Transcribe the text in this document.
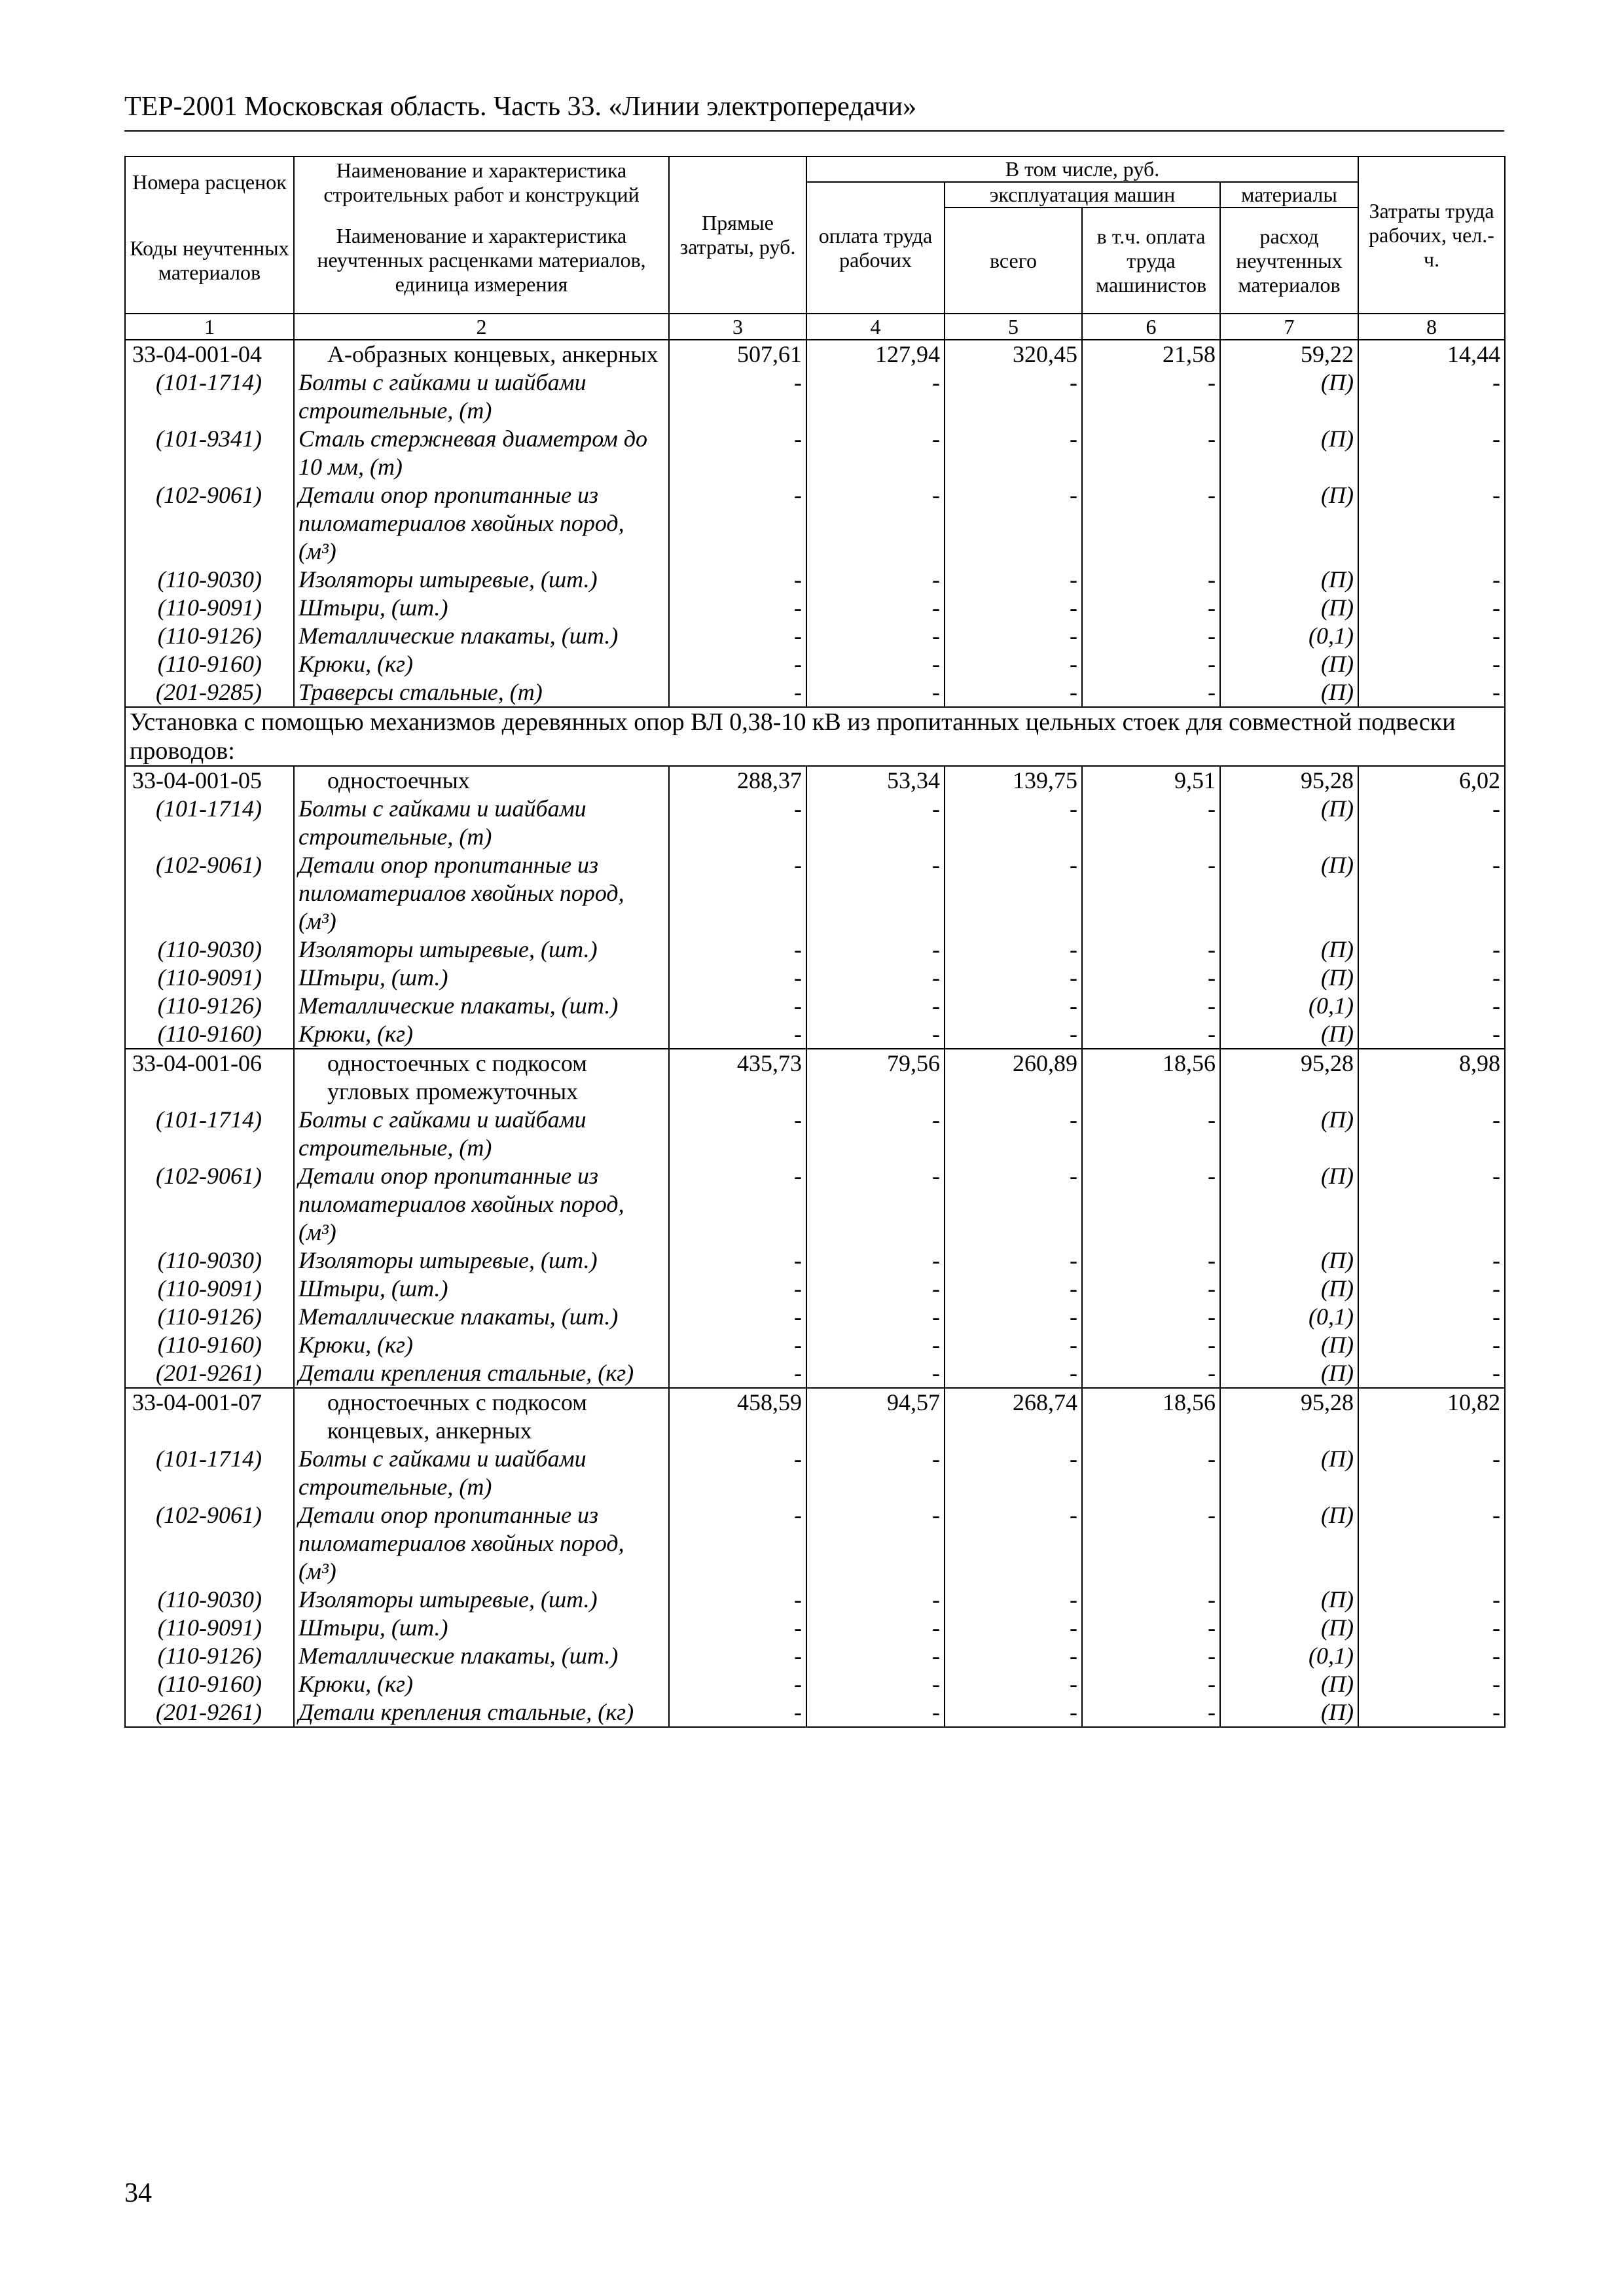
ТЕР-2001 Московская область. Часть 33. «Линии электропередачи»
Номера расценок	Наименование и характеристика строительных работ и конструкций	Прямые затраты, руб.	В том числе, руб.				Затраты труда рабочих, чел.-ч.
			оплата труда рабочих	эксплуатация машин		материалы	
Коды неучтенных материалов	Наименование и характеристика неучтенных расценками материалов, единица измерения			всего	в т.ч. оплата труда машинистов	расход неучтенных материалов	

1	2	3	4	5	6	7	8
33-04-001-04	А-образных концевых, анкерных	507,61	127,94	320,45	21,58	59,22	14,44
(101-1714)	Болты с гайками и шайбами строительные, (т)	-	-	-	-	(П)	-
(101-9341)	Сталь стержневая диаметром до 10 мм, (т)	-	-	-	-	(П)	-
(102-9061)	Детали опор пропитанные из пиломатериалов хвойных пород, (м³)	-	-	-	-	(П)	-
(110-9030)	Изоляторы штыревые, (шт.)	-	-	-	-	(П)	-
(110-9091)	Штыри, (шт.)	-	-	-	-	(П)	-
(110-9126)	Металлические плакаты, (шт.)	-	-	-	-	(0,1)	-
(110-9160)	Крюки, (кг)	-	-	-	-	(П)	-
(201-9285)	Траверсы стальные, (т)	-	-	-	-	(П)	-
Установка с помощью механизмов деревянных опор ВЛ 0,38-10 кВ из пропитанных цельных стоек для совместной подвески проводов:							
33-04-001-05	одностоечных	288,37	53,34	139,75	9,51	95,28	6,02
(101-1714)	Болты с гайками и шайбами строительные, (т)	-	-	-	-	(П)	-
(102-9061)	Детали опор пропитанные из пиломатериалов хвойных пород, (м³)	-	-	-	-	(П)	-
(110-9030)	Изоляторы штыревые, (шт.)	-	-	-	-	(П)	-
(110-9091)	Штыри, (шт.)	-	-	-	-	(П)	-
(110-9126)	Металлические плакаты, (шт.)	-	-	-	-	(0,1)	-
(110-9160)	Крюки, (кг)	-	-	-	-	(П)	-
33-04-001-06	одностоечных с подкосом угловых промежуточных	435,73	79,56	260,89	18,56	95,28	8,98
(101-1714)	Болты с гайками и шайбами строительные, (т)	-	-	-	-	(П)	-
(102-9061)	Детали опор пропитанные из пиломатериалов хвойных пород, (м³)	-	-	-	-	(П)	-
(110-9030)	Изоляторы штыревые, (шт.)	-	-	-	-	(П)	-
(110-9091)	Штыри, (шт.)	-	-	-	-	(П)	-
(110-9126)	Металлические плакаты, (шт.)	-	-	-	-	(0,1)	-
(110-9160)	Крюки, (кг)	-	-	-	-	(П)	-
(201-9261)	Детали крепления стальные, (кг)	-	-	-	-	(П)	-
33-04-001-07	одностоечных с подкосом концевых, анкерных	458,59	94,57	268,74	18,56	95,28	10,82
(101-1714)	Болты с гайками и шайбами строительные, (т)	-	-	-	-	(П)	-
(102-9061)	Детали опор пропитанные из пиломатериалов хвойных пород, (м³)	-	-	-	-	(П)	-
(110-9030)	Изоляторы штыревые, (шт.)	-	-	-	-	(П)	-
(110-9091)	Штыри, (шт.)	-	-	-	-	(П)	-
(110-9126)	Металлические плакаты, (шт.)	-	-	-	-	(0,1)	-
(110-9160)	Крюки, (кг)	-	-	-	-	(П)	-
(201-9261)	Детали крепления стальные, (кг)	-	-	-	-	(П)	-
34
